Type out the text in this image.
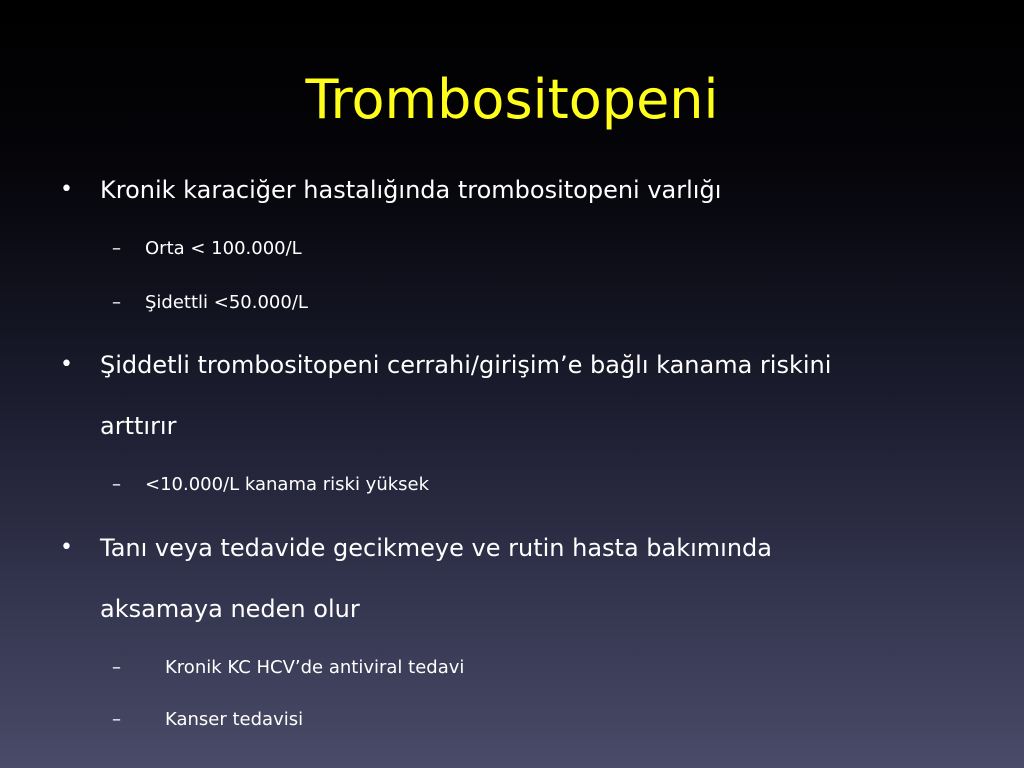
Trombositopeni
• Kronik karaciğer hastalığında trombositopeni varlığı
– Orta < 100.000/L
– Şidettli <50.000/L
• Şiddetli trombositopeni cerrahi/girişim’e bağlı kanama riskini
arttırır
– <10.000/L kanama riski yüksek
• Tanı veya tedavide gecikmeye ve rutin hasta bakımında
aksamaya neden olur
– Kronik KC HCV’de antiviral tedavi
– Kanser tedavisi
